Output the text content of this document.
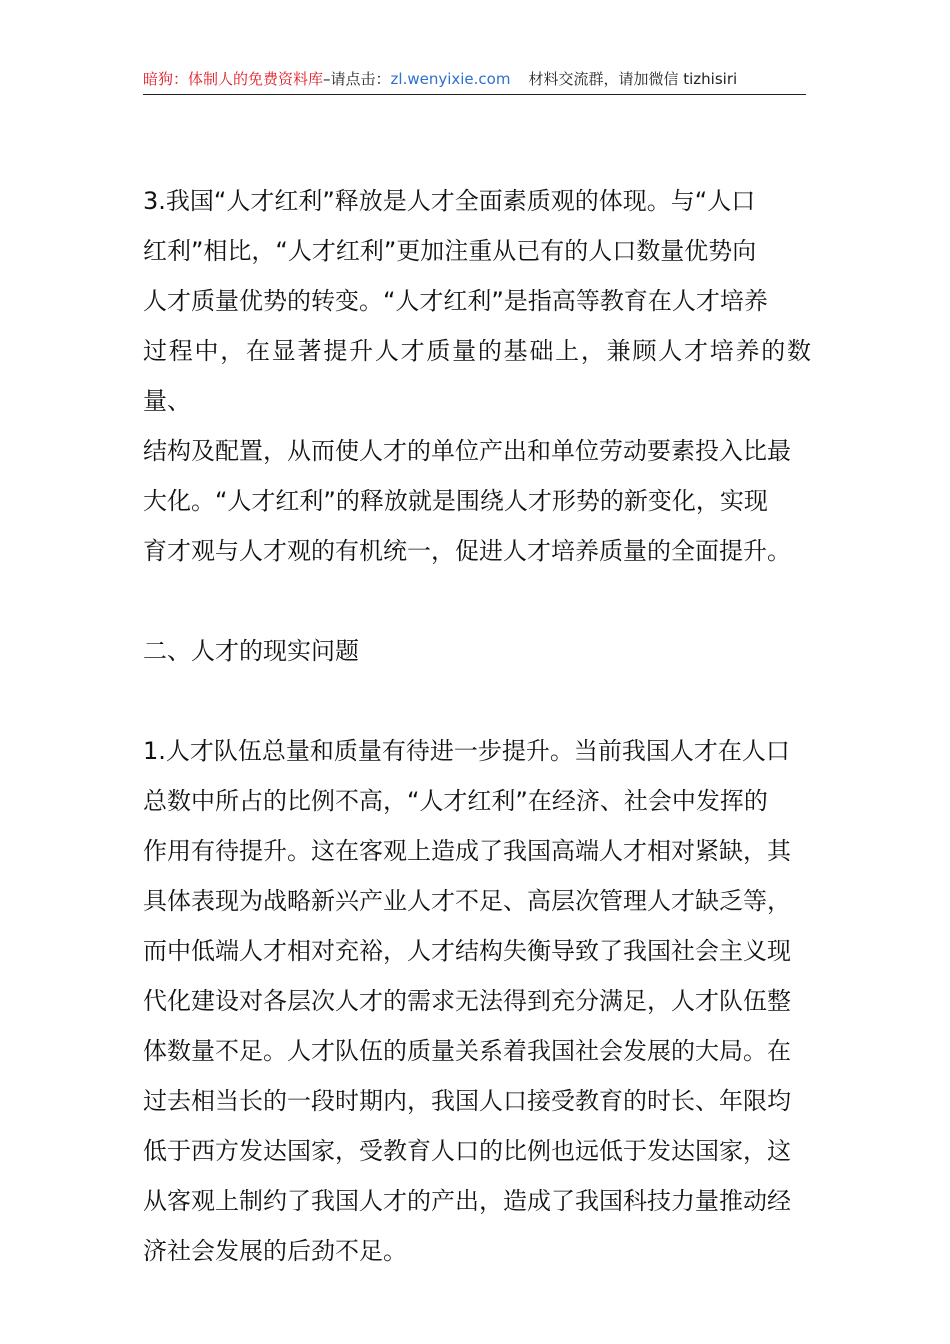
暗狗：体制人的免费资料库–请点击：zl.wenyixie.com 材料交流群，请加微信 tizhisiri
3.我国“人才红利”释放是人才全面素质观的体现。与“人口
红利”相比，“人才红利”更加注重从已有的人口数量优势向
人才质量优势的转变。“人才红利”是指高等教育在人才培养
过程中，在显著提升人才质量的基础上，兼顾人才培养的数量、
结构及配置，从而使人才的单位产出和单位劳动要素投入比最
大化。“人才红利”的释放就是围绕人才形势的新变化，实现
育才观与人才观的有机统一，促进人才培养质量的全面提升。
二、人才的现实问题
1.人才队伍总量和质量有待进一步提升。当前我国人才在人口
总数中所占的比例不高，“人才红利”在经济、社会中发挥的
作用有待提升。这在客观上造成了我国高端人才相对紧缺，其
具体表现为战略新兴产业人才不足、高层次管理人才缺乏等，
而中低端人才相对充裕，人才结构失衡导致了我国社会主义现
代化建设对各层次人才的需求无法得到充分满足，人才队伍整
体数量不足。人才队伍的质量关系着我国社会发展的大局。在
过去相当长的一段时期内，我国人口接受教育的时长、年限均
低于西方发达国家，受教育人口的比例也远低于发达国家，这
从客观上制约了我国人才的产出，造成了我国科技力量推动经
济社会发展的后劲不足。
